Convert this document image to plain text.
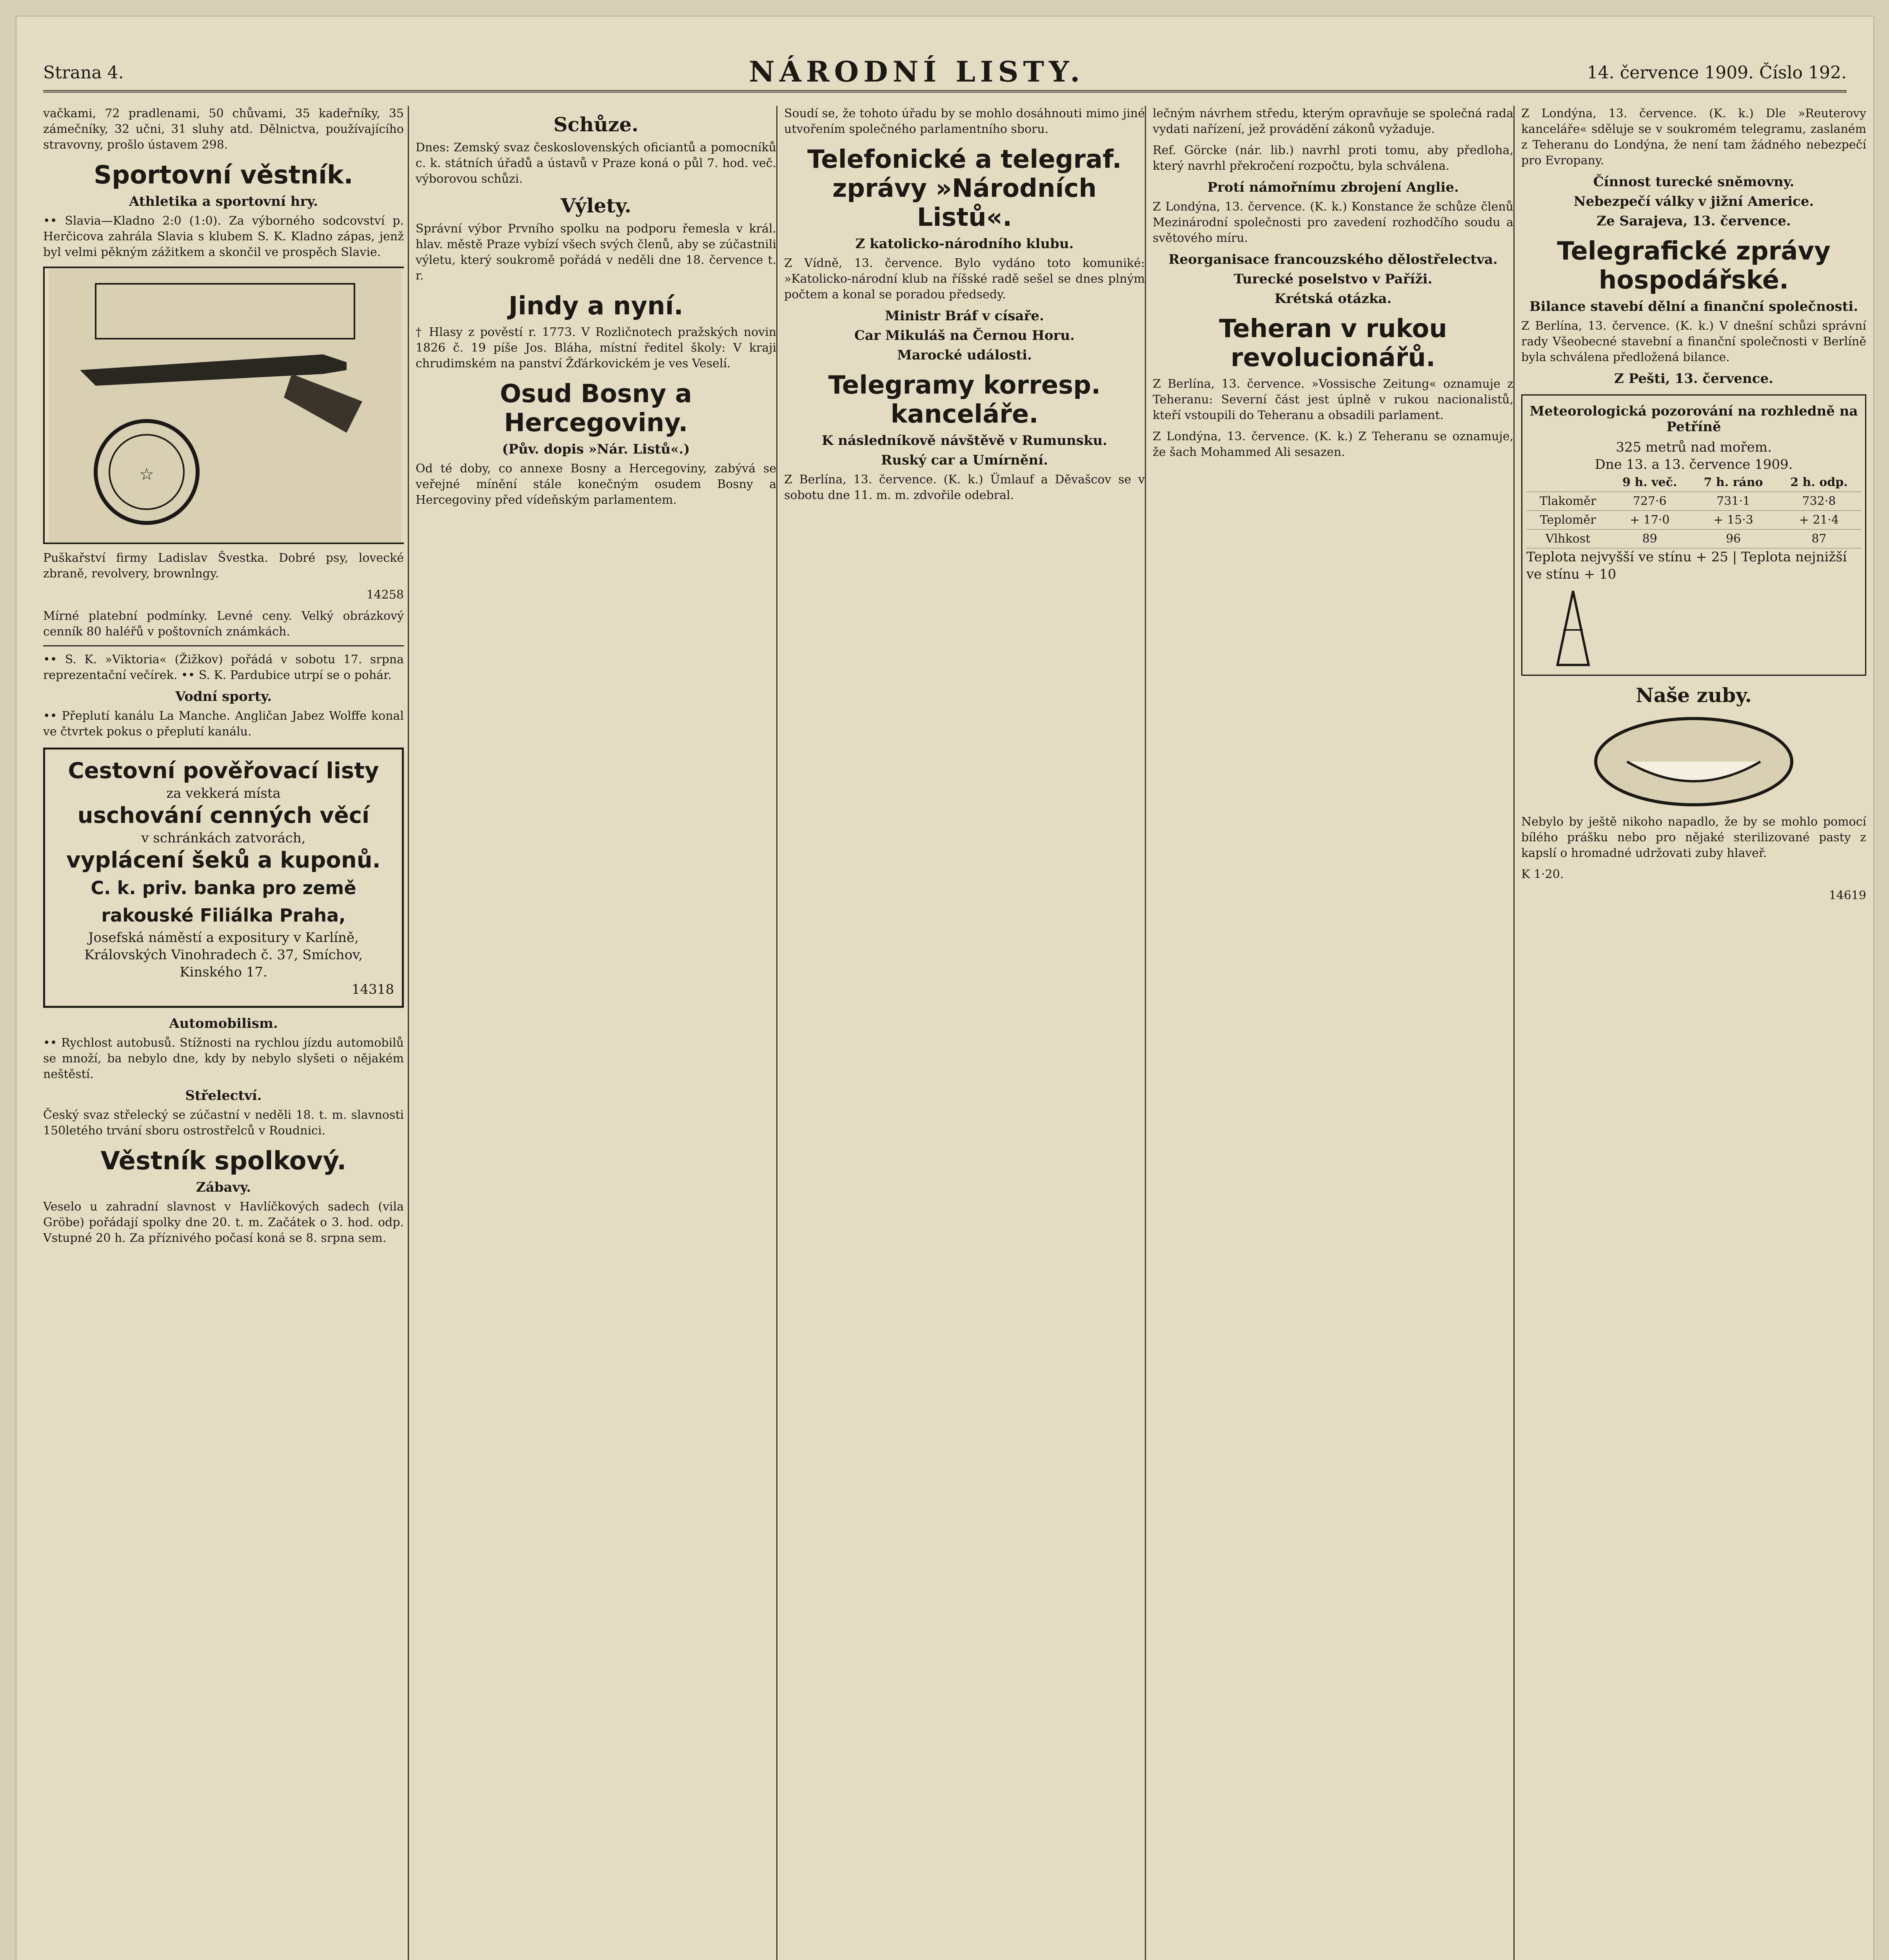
Strana 4.	NÁRODNÍ LISTY.	14. července 1909. Číslo 192.

vačkami, 72 pradlenami, 50 chůvami, 35 kadeřníky, 35 zámečníky, 32 učni, 31 sluhy atd. Dělnictva, používajícího stravovny, prošlo ústavem 298.

Sportovní věstník.
Athletika a sportovní hry.

•• Slavia—Kladno 2:0 (1:0). Za výborného sodcovství p. Herčicova zahrála Slavia s klubem S. K. Kladno zápas, jenž byl velmi pěkným zážitkem a skončil ve prospěch Slavie.

☆

Puškařství firmy Ladislav Švestka. Dobré psy, lovecké zbraně, revolvery, brownlngy.

14258

Mírné platební podmínky. Levné ceny. Velký obrázkový cenník 80 haléřů v poštovních známkách.

•• S. K. »Viktoria« (Žižkov) pořádá v sobotu 17. srpna reprezentační večírek. •• S. K. Pardubice utrpí se o pohár.

Vodní sporty.

•• Přeplutí kanálu La Manche. Angličan Jabez Wolffe konal ve čtvrtek pokus o přeplutí kanálu.

Cestovní pověřovací listy
za vekkerá místa
uschování cenných věcí
v schránkách zatvorách,
vyplácení šeků a kuponů.
C. k. priv. banka pro země rakouské Filiálka Praha,
Josefská náměstí a expositury v Karlíně, Královských Vinohradech č. 37, Smíchov, Kinského 17.
14318
Automobilism.

•• Rychlost autobusů. Stížnosti na rychlou jízdu automobilů se množí, ba nebylo dne, kdy by nebylo slyšeti o nějakém neštěstí.

Střelectví.

Český svaz střelecký se zúčastní v neděli 18. t. m. slavnosti 150letého trvání sboru ostrostřelců v Roudnici.

Věstník spolkový.
Zábavy.

Veselo u zahradní slavnost v Havlíčkových sadech (vila Gröbe) pořádají spolky dne 20. t. m. Začátek o 3. hod. odp. Vstupné 20 h. Za příznivého počasí koná se 8. srpna sem.

Schůze.

Dnes: Zemský svaz československých oficiantů a pomocníků c. k. státních úřadů a ústavů v Praze koná o půl 7. hod. več. výborovou schůzi.

Výlety.

Správní výbor Prvního spolku na podporu řemesla v král. hlav. městě Praze vybízí všech svých členů, aby se zúčastnili výletu, který soukromě pořádá v neděli dne 18. července t. r.

Jindy a nyní.

† Hlasy z pověstí r. 1773. V Rozličnotech pražských novin 1826 č. 19 píše Jos. Bláha, místní ředitel školy: V kraji chrudimském na panství Žďárkovickém je ves Veselí.

Osud Bosny a Hercegoviny.
(Pův. dopis »Nár. Listů«.)

Od té doby, co annexe Bosny a Hercegoviny, zabývá se veřejné mínění stále konečným osudem Bosny a Hercegoviny před vídeňským parlamentem.

Soudí se, že tohoto úřadu by se mohlo dosáhnouti mimo jiné utvořením společného parlamentního sboru.

Telefonické a telegraf. zprávy »Národních Listů«.
Z katolicko-národního klubu.

Z Vídně, 13. července. Bylo vydáno toto komuniké: »Katolicko-národní klub na říšské radě sešel se dnes plným počtem a konal se poradou předsedy.

Ministr Bráf v císaře.
Car Mikuláš na Černou Horu.
Marocké události.
Telegramy korresp. kanceláře.
K následníkově návštěvě v Rumunsku.
Ruský car a Umírnění.

Z Berlína, 13. července. (K. k.) Ümlauf a Děvašcov se v sobotu dne 11. m. m. zdvořile odebral.

lečným návrhem středu, kterým opravňuje se společná rada vydati nařízení, jež provádění zákonů vyžaduje.

Ref. Görcke (nár. lib.) navrhl proti tomu, aby předloha, který navrhl překročení rozpočtu, byla schválena.

Protí námořnímu zbrojení Anglie.

Z Londýna, 13. července. (K. k.) Konstance že schůze členů Mezinárodní společnosti pro zavedení rozhodčího soudu a světového míru.

Reorganisace francouzského dělostřelectva.
Turecké poselstvo v Paříži.
Krétská otázka.
Teheran v rukou revolucionářů.

Z Berlína, 13. července. »Vossische Zeitung« oznamuje z Teheranu: Severní část jest úplně v rukou nacionalistů, kteří vstoupili do Teheranu a obsadili parlament.

Z Londýna, 13. července. (K. k.) Z Teheranu se oznamuje, že šach Mohammed Ali sesazen.

Z Londýna, 13. července. (K. k.) Dle »Reuterovy kanceláře« sděluje se v soukromém telegramu, zaslaném z Teheranu do Londýna, že není tam žádného nebezpečí pro Evropany.

Čínnost turecké sněmovny.
Nebezpečí války v jižní Americe.
Ze Sarajeva, 13. července.
Telegrafické zprávy hospodářské.
Bilance stavebí dělní a finanční společnosti.

Z Berlína, 13. července. (K. k.) V dnešní schůzi správní rady Všeobecné stavební a finanční společnosti v Berlíně byla schválena předložená bilance.

Z Pešti, 13. července.
Meteorologická pozorování na rozhledně na Petříně
325 metrů nad mořem.
Dne 13. a 13. července 1909.
	9 h. več.	7 h. ráno	2 h. odp.
Tlakoměr	727·6	731·1	732·8
Teploměr	+ 17·0	+ 15·3	+ 21·4
Vlhkost	89	96	87
Teplota nejvyšší ve stínu + 25 | Teplota nejnižší ve stínu + 10
Naše zuby.

Nebylo by ještě nikoho napadlo, že by se mohlo pomocí bílého prášku nebo pro nějaké sterilizované pasty z kapslí o hromadné udržovati zuby hlaveř.

K 1·20.

14619
